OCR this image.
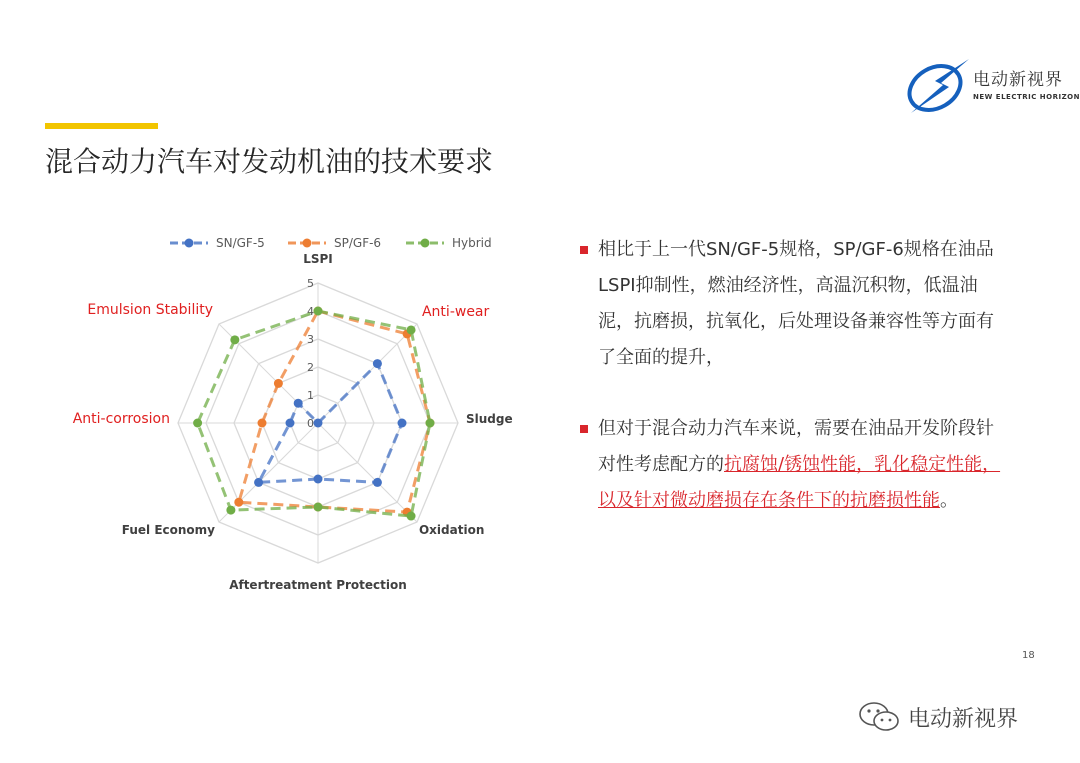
混合动力汽车对发动机油的技术要求
电动新视界
NEW ELECTRIC HORIZON
SN/GF-5	SP/GF-6	Hybrid
0
1
2
3
4
5
LSPI
Anti-wear
Sludge
Oxidation
Aftertreatment Protection
Fuel Economy
Anti-corrosion
Emulsion Stability
相比于上一代SN/GF-5规格，SP/GF-6规格在油品LSPI抑制性，燃油经济性，高温沉积物，低温油泥，抗磨损，抗氧化，后处理设备兼容性等方面有了全面的提升，
但对于混合动力汽车来说，需要在油品开发阶段针对性考虑配方的抗腐蚀/锈蚀性能，乳化稳定性能，以及针对微动磨损存在条件下的抗磨损性能。
18
电动新视界
